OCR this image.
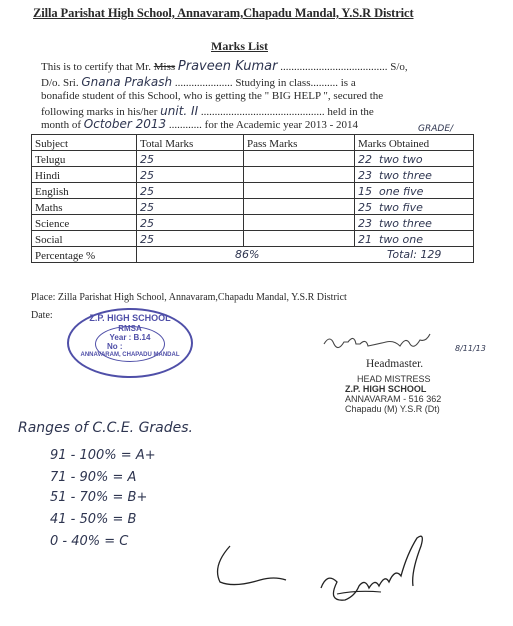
Zilla Parishat High School, Annavaram,Chapadu Mandal, Y.S.R District
Marks List
This is to certify that Mr. Miss Praveen Kumar ....................................... S/o,
D/o. Sri. Gnana Prakash ..................... Studying in class.......... is a
bonafide student of this School, who is getting the " BIG HELP ", secured the
following marks in his/her unit. II ............................................. held in the
month of October 2013 ............ for the Academic year 2013 - 2014	GRADE/
Subject	Total Marks	Pass Marks	Marks Obtained
Telugu	25		22 two two
Hindi	25		23 two three
English	25		15 one five
Maths	25		25 two five
Science	25		23 two three
Social	25		21 two one
Percentage %	86% Total: 129		
Place: Zilla Parishat High School, Annavaram,Chapadu Mandal, Y.S.R District
Date:	Z.P. HIGH SCHOOL
RMSA
Year : B.14
No :
ANNAVARAM, CHAPADU MANDAL
8/11/13
Headmaster.
HEAD MISTRESS
Z.P. HIGH SCHOOL
ANNAVARAM - 516 362
Chapadu (M) Y.S.R (Dt)
Ranges of C.C.E. Grades.
91 - 100% = A+
71 - 90% = A
51 - 70% = B+
41 - 50% = B
0 - 40% = C
